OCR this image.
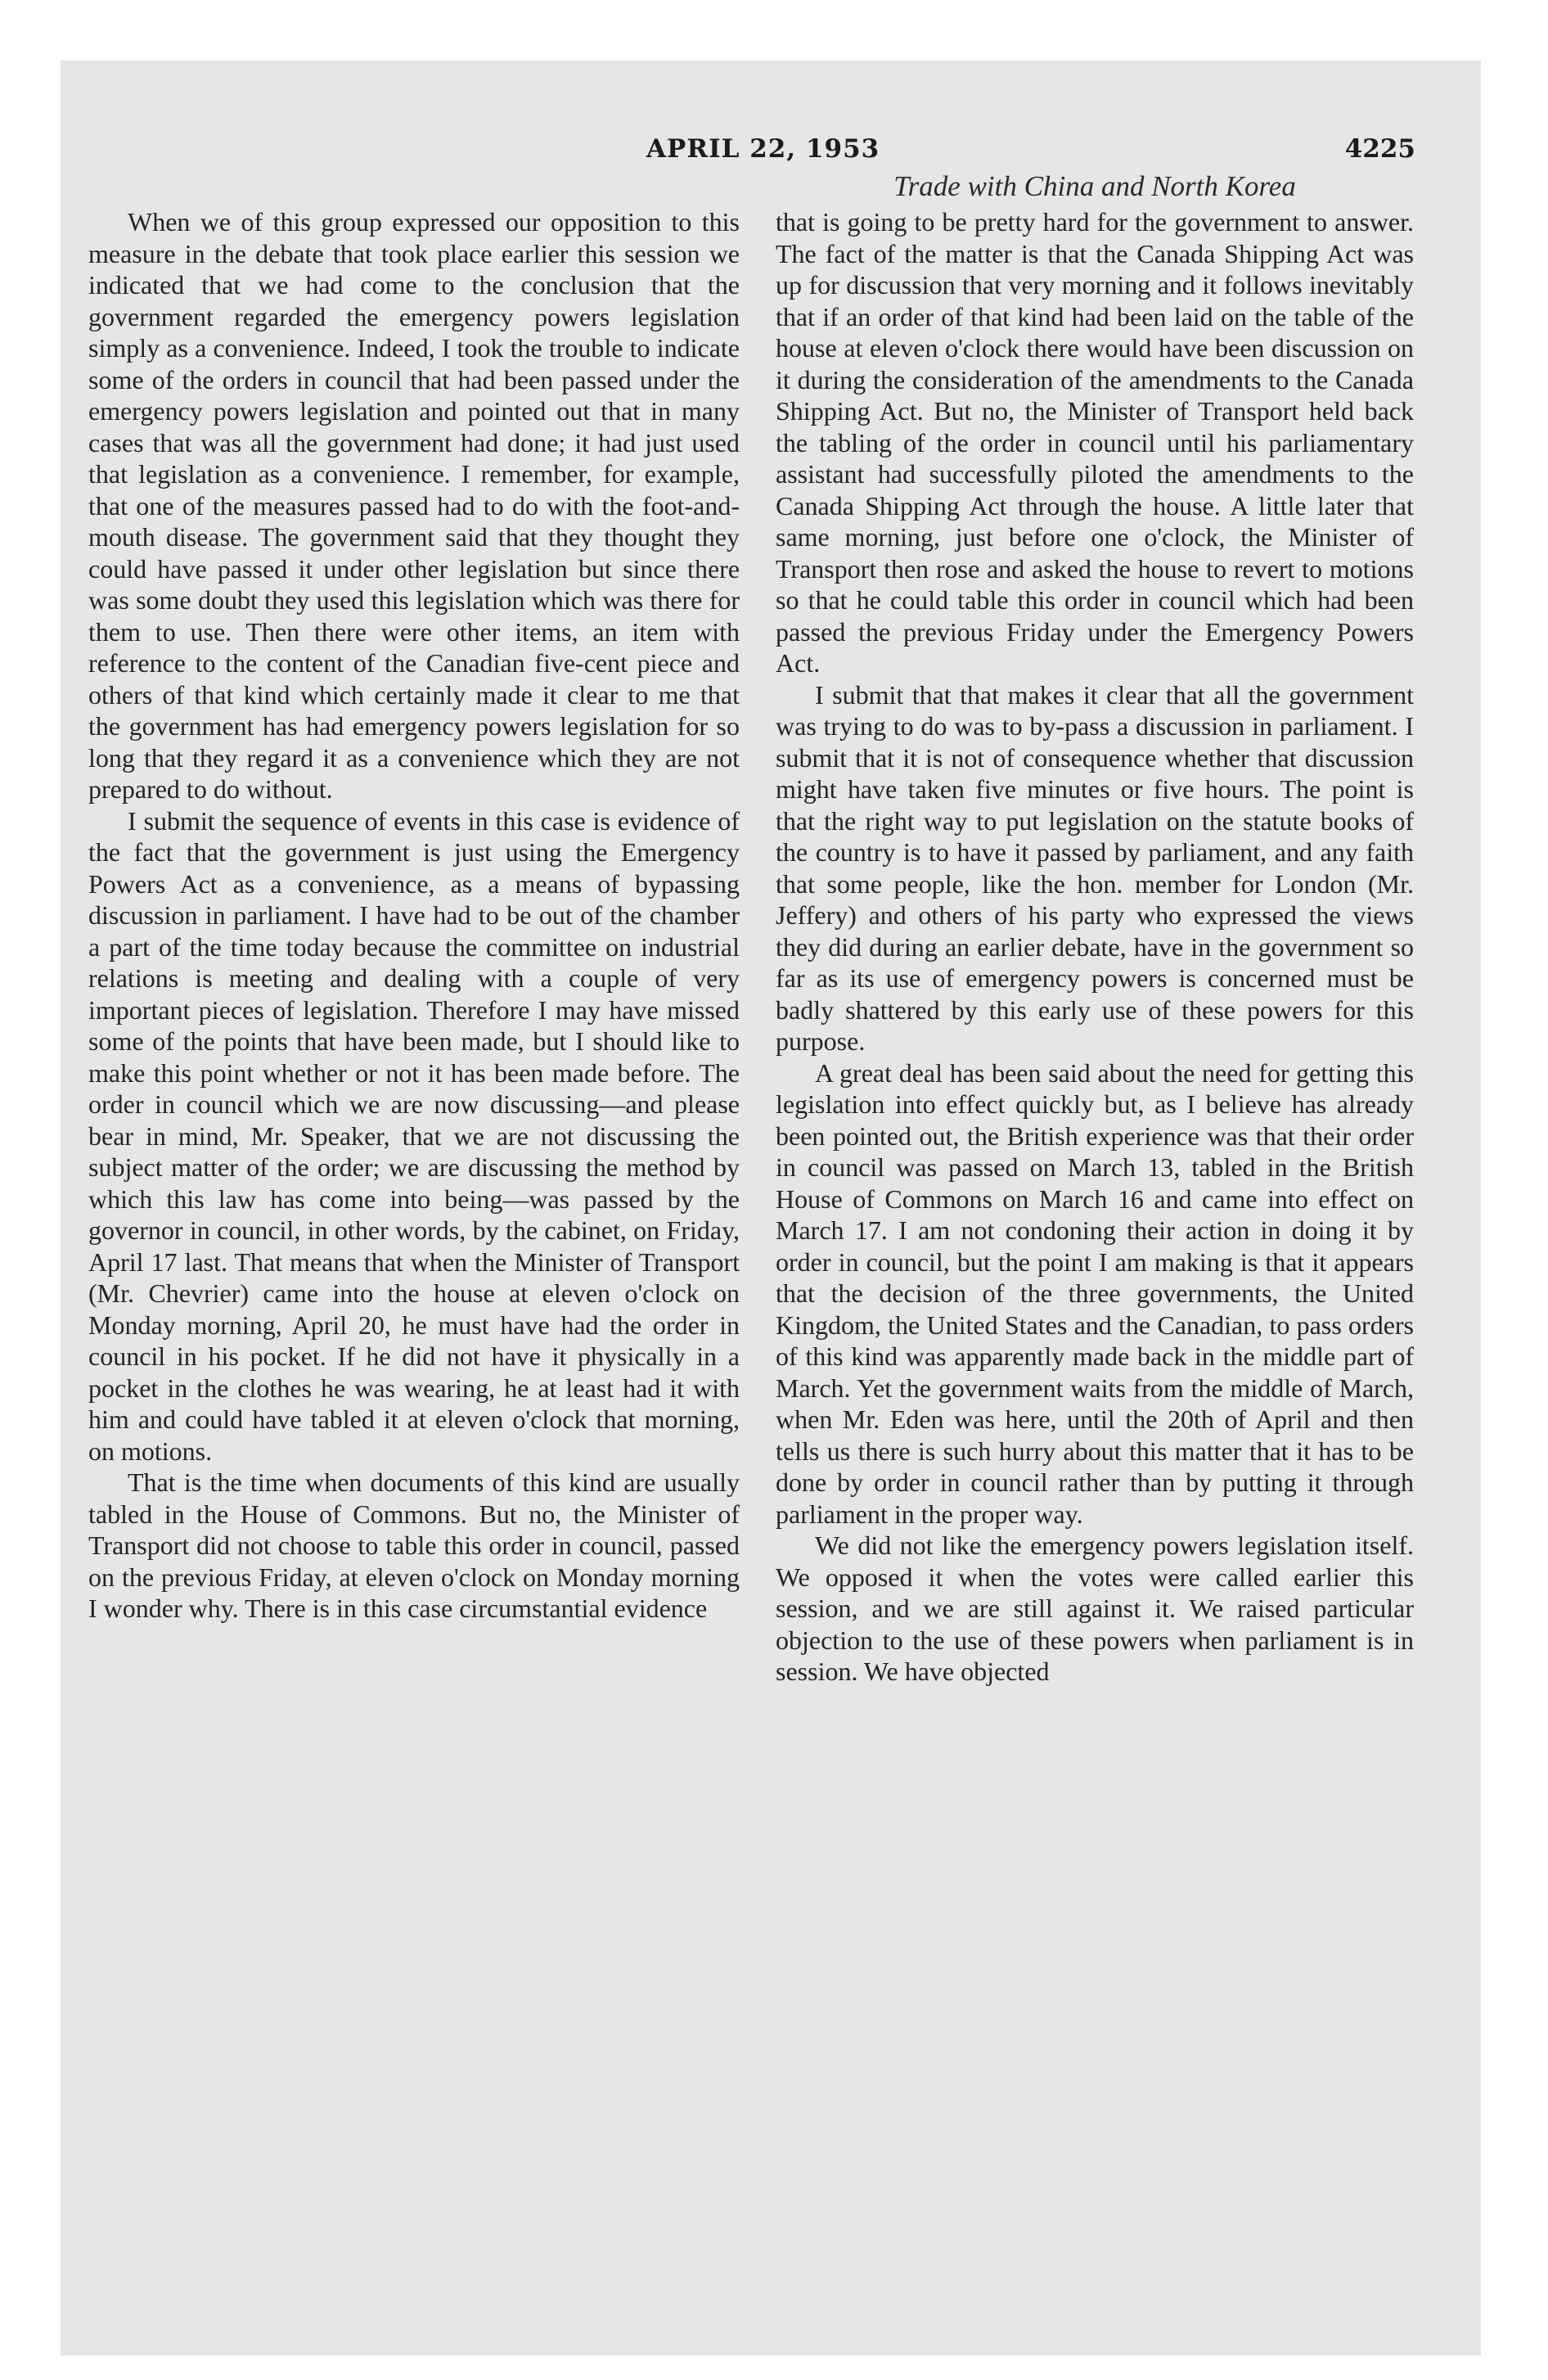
APRIL 22, 1953	4225
Trade with China and North Korea

When we of this group expressed our opposition to this measure in the debate that took place earlier this session we indicated that we had come to the conclusion that the government regarded the emergency powers legislation simply as a convenience. Indeed, I took the trouble to indicate some of the orders in council that had been passed under the emergency powers legislation and pointed out that in many cases that was all the government had done; it had just used that legislation as a convenience. I remember, for example, that one of the measures passed had to do with the foot-and-mouth disease. The government said that they thought they could have passed it under other legislation but since there was some doubt they used this legislation which was there for them to use. Then there were other items, an item with reference to the content of the Canadian five-cent piece and others of that kind which certainly made it clear to me that the government has had emergency powers legislation for so long that they regard it as a convenience which they are not prepared to do without.

I submit the sequence of events in this case is evidence of the fact that the government is just using the Emergency Powers Act as a convenience, as a means of bypassing discussion in parliament. I have had to be out of the chamber a part of the time today because the committee on industrial relations is meeting and dealing with a couple of very important pieces of legislation. Therefore I may have missed some of the points that have been made, but I should like to make this point whether or not it has been made before. The order in council which we are now discussing—and please bear in mind, Mr. Speaker, that we are not discussing the subject matter of the order; we are discussing the method by which this law has come into being—was passed by the governor in council, in other words, by the cabinet, on Friday, April 17 last. That means that when the Minister of Transport (Mr. Chevrier) came into the house at eleven o'clock on Monday morning, April 20, he must have had the order in council in his pocket. If he did not have it physically in a pocket in the clothes he was wearing, he at least had it with him and could have tabled it at eleven o'clock that morning, on motions.

That is the time when documents of this kind are usually tabled in the House of Commons. But no, the Minister of Transport did not choose to table this order in council, passed on the previous Friday, at eleven o'clock on Monday morning I wonder why. There is in this case circumstantial evidence

that is going to be pretty hard for the government to answer. The fact of the matter is that the Canada Shipping Act was up for discussion that very morning and it follows inevitably that if an order of that kind had been laid on the table of the house at eleven o'clock there would have been discussion on it during the consideration of the amendments to the Canada Shipping Act. But no, the Minister of Transport held back the tabling of the order in council until his parliamentary assistant had successfully piloted the amendments to the Canada Shipping Act through the house. A little later that same morning, just before one o'clock, the Minister of Transport then rose and asked the house to revert to motions so that he could table this order in council which had been passed the previous Friday under the Emergency Powers Act.

I submit that that makes it clear that all the government was trying to do was to by-pass a discussion in parliament. I submit that it is not of consequence whether that discussion might have taken five minutes or five hours. The point is that the right way to put legislation on the statute books of the country is to have it passed by parliament, and any faith that some people, like the hon. member for London (Mr. Jeffery) and others of his party who expressed the views they did during an earlier debate, have in the government so far as its use of emergency powers is concerned must be badly shattered by this early use of these powers for this purpose.

A great deal has been said about the need for getting this legislation into effect quickly but, as I believe has already been pointed out, the British experience was that their order in council was passed on March 13, tabled in the British House of Commons on March 16 and came into effect on March 17. I am not condoning their action in doing it by order in council, but the point I am making is that it appears that the decision of the three governments, the United Kingdom, the United States and the Canadian, to pass orders of this kind was apparently made back in the middle part of March. Yet the government waits from the middle of March, when Mr. Eden was here, until the 20th of April and then tells us there is such hurry about this matter that it has to be done by order in council rather than by putting it through parliament in the proper way.

We did not like the emergency powers legislation itself. We opposed it when the votes were called earlier this session, and we are still against it. We raised particular objection to the use of these powers when parliament is in session. We have objected
